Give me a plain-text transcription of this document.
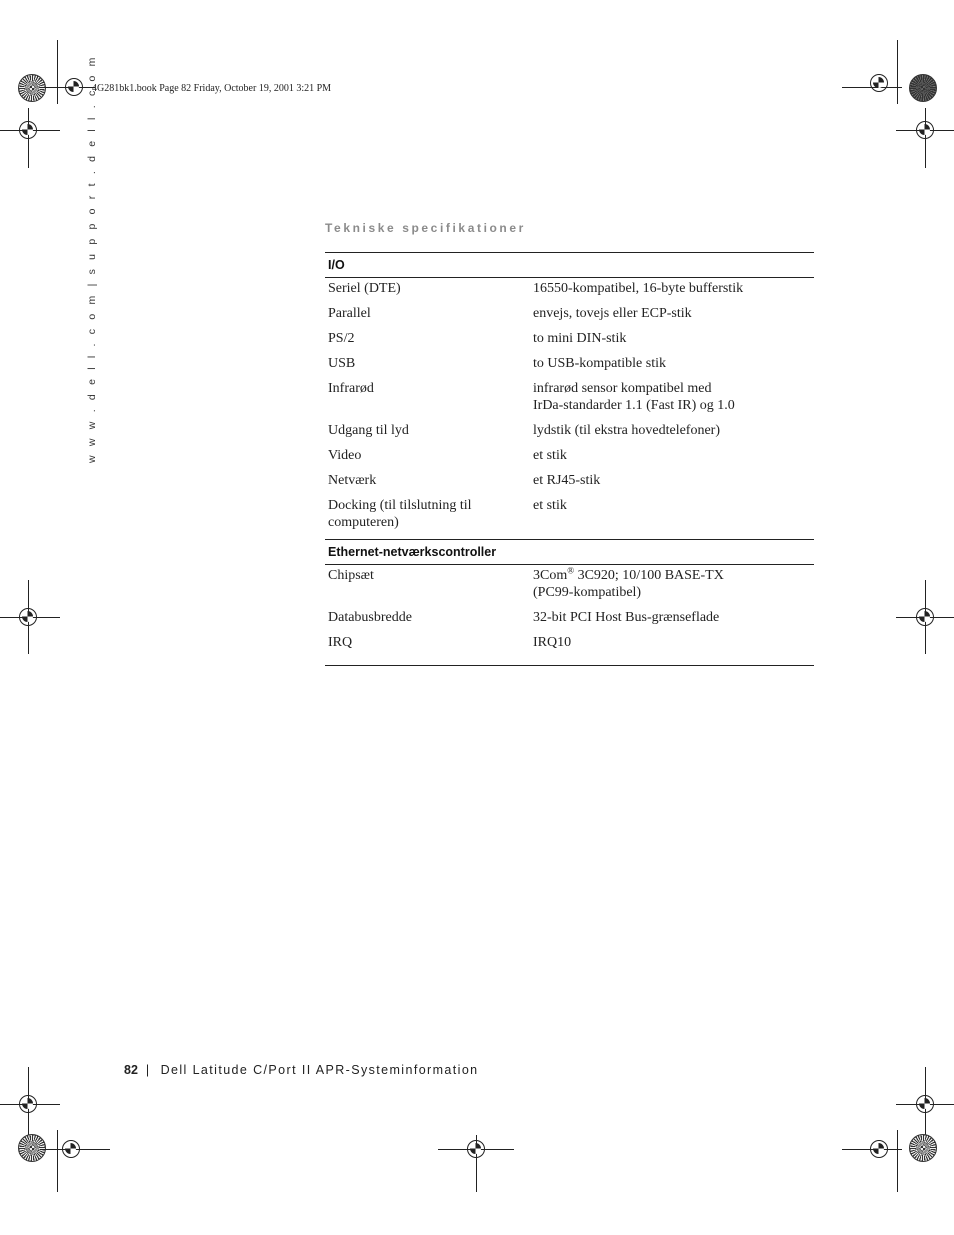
4G281bk1.book Page 82 Friday, October 19, 2001 3:21 PM
w w w . d e l l . c o m | s u p p o r t . d e l l . c o m	Tekniske specifikationer
I/O	

Seriel (DTE)	16550-kompatibel, 16-byte bufferstik
Parallel	envejs, tovejs eller ECP-stik
PS/2	to mini DIN-stik
USB	to USB-kompatible stik
Infrarød	infrarød sensor kompatibel med
IrDa-standarder 1.1 (Fast IR) og 1.0

Udgang til lyd	lydstik (til ekstra hovedtelefoner)
Video	et stik
Netværk	et RJ45-stik

Docking (til tilslutning til
computeren)	et stik
Ethernet-netværkscontroller	

Chipsæt	3Com® 3C920; 10/100 BASE-TX
(PC99-kompatibel)

Databusbredde	32-bit PCI Host Bus-grænseflade
IRQ	IRQ10

82 | Dell Latitude C/Port II APR-Systeminformation
